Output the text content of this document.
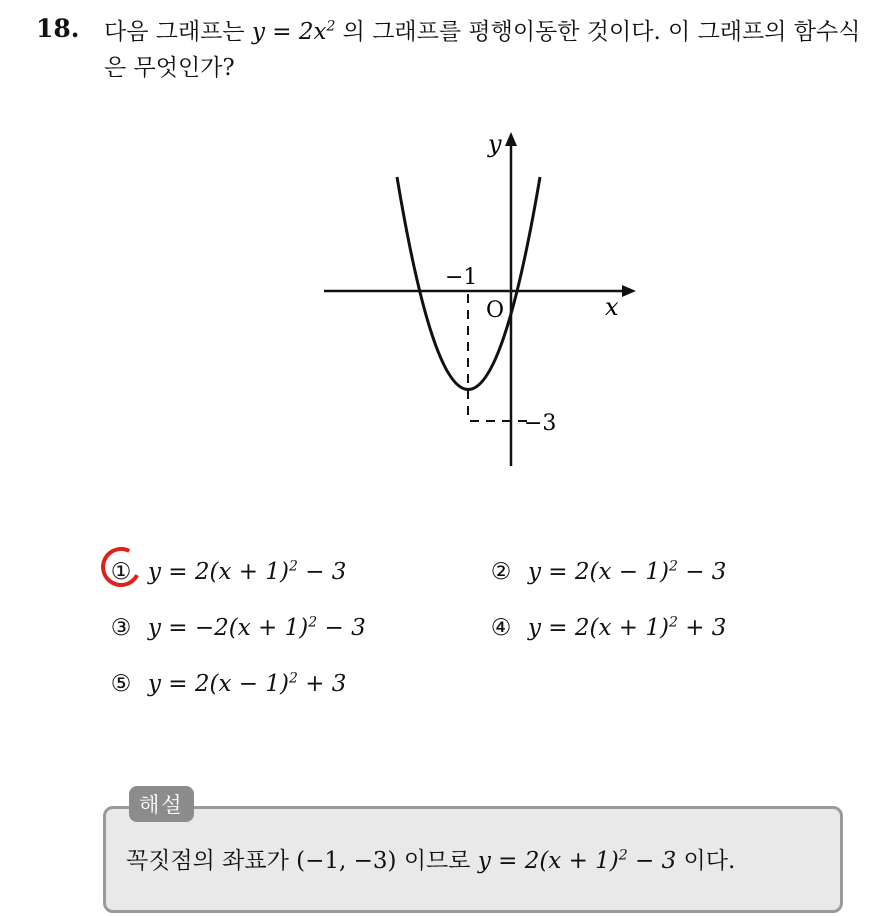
18. 다음 그래프는 $y = 2x^2$ 의 그래프를 평행이동한 것이다. 이 그래프의 함수식은 무엇인가?
y
x
O
−1
−3
① $y = 2(x + 1)^2 - 3$	② $y = 2(x - 1)^2 - 3$
③ $y = -2(x + 1)^2 - 3$	④ $y = 2(x + 1)^2 + 3$
⑤ $y = 2(x - 1)^2 + 3$
해설
꼭짓점의 좌표가 (−1, −3) 이므로 $y = 2(x + 1)^2 - 3$ 이다.
